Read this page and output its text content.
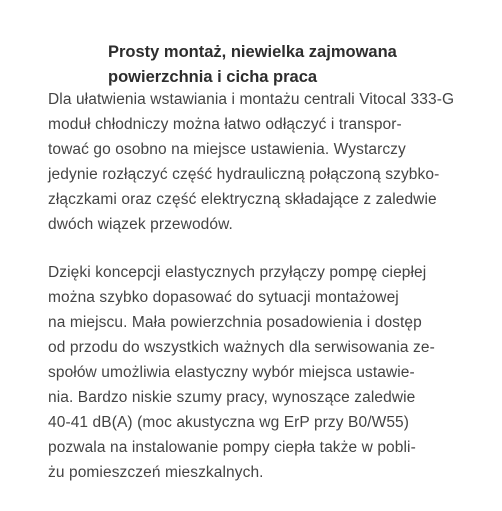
Prosty montaż, niewielka zajmowana
powierzchnia i cicha praca
Dla ułatwienia wstawiania i montażu centrali Vitocal 333-G
moduł chłodniczy można łatwo odłączyć i transpor-
tować go osobno na miejsce ustawienia. Wystarczy
jedynie rozłączyć część hydrauliczną połączoną szybko-
złączkami oraz część elektryczną składające z zaledwie
dwóch wiązek przewodów.
Dzięki koncepcji elastycznych przyłączy pompę ciepłej
można szybko dopasować do sytuacji montażowej
na miejscu. Mała powierzchnia posadowienia i dostęp
od przodu do wszystkich ważnych dla serwisowania ze-
społów umożliwia elastyczny wybór miejsca ustawie-
nia. Bardzo niskie szumy pracy, wynoszące zaledwie
40-41 dB(A) (moc akustyczna wg ErP przy B0/W55)
pozwala na instalowanie pompy ciepła także w pobli-
żu pomieszczeń mieszkalnych.
